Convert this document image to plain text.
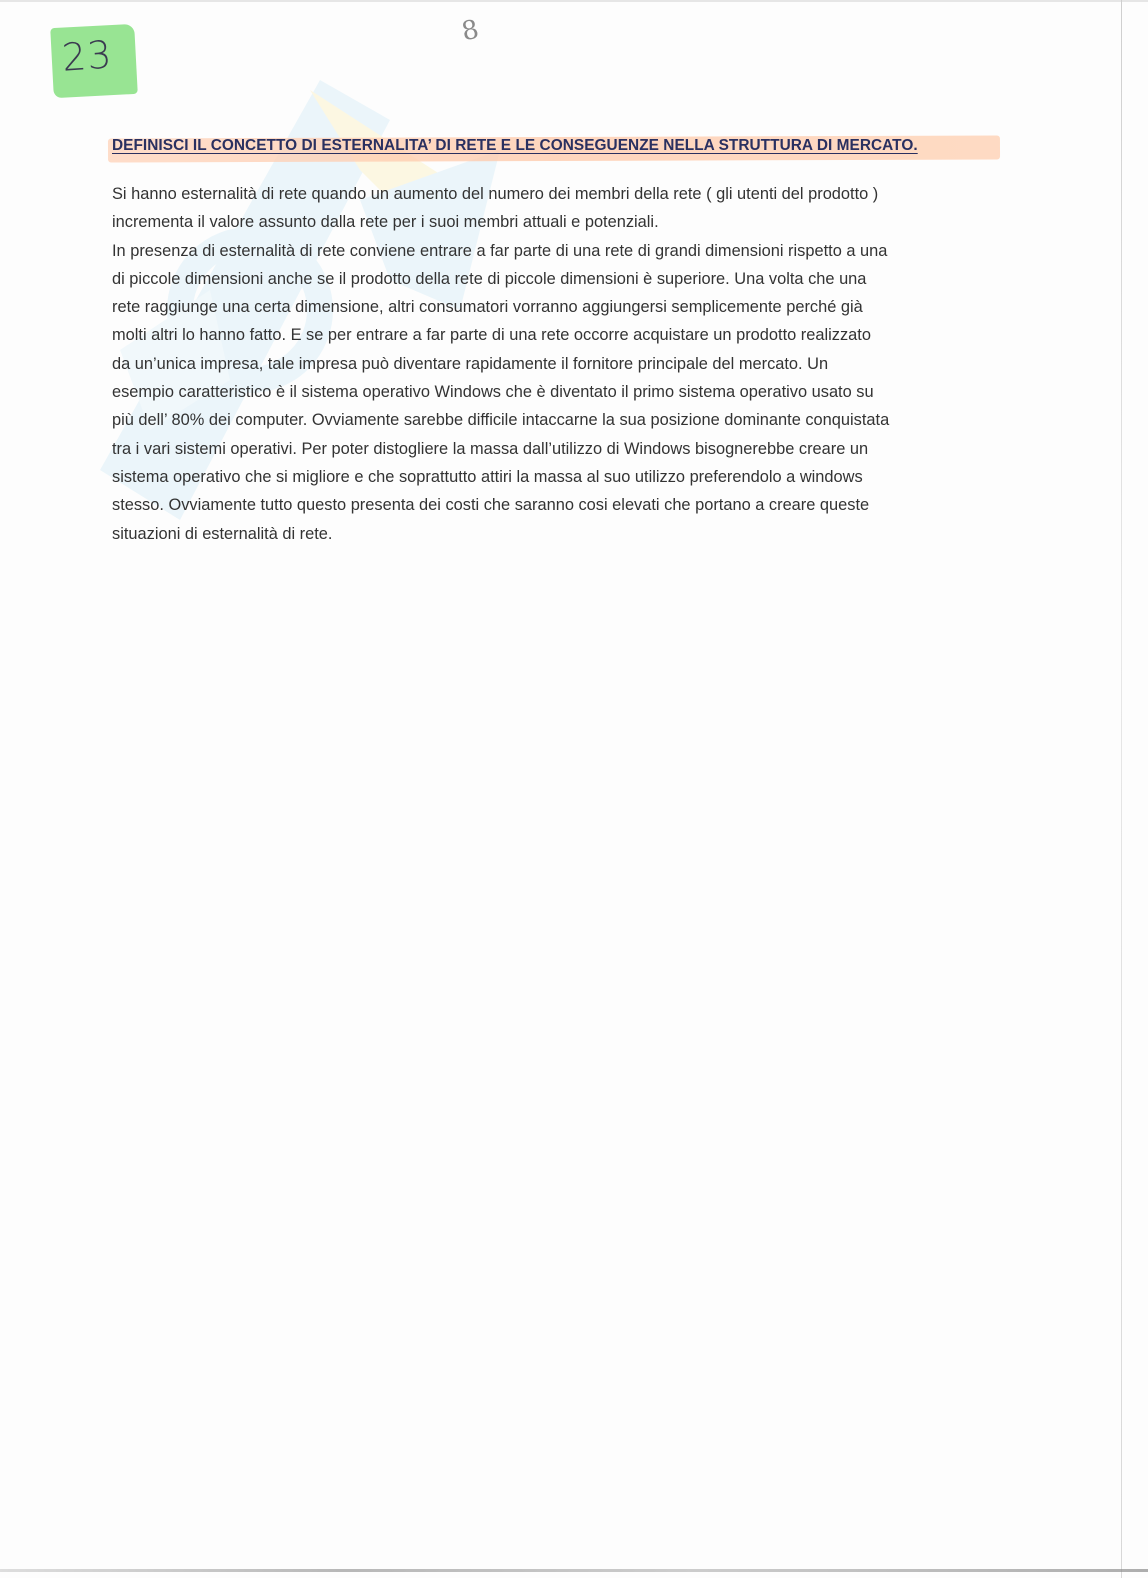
23
8
DEFINISCI IL CONCETTO DI ESTERNALITA’ DI RETE E LE CONSEGUENZE NELLA STRUTTURA DI MERCATO.
Si hanno esternalità di rete quando un aumento del numero dei membri della rete ( gli utenti del prodotto )
incrementa il valore assunto dalla rete per i suoi membri attuali e potenziali.
In presenza di esternalità di rete conviene entrare a far parte di una rete di grandi dimensioni rispetto a una
di piccole dimensioni anche se il prodotto della rete di piccole dimensioni è superiore. Una volta che una
rete raggiunge una certa dimensione, altri consumatori vorranno aggiungersi semplicemente perché già
molti altri lo hanno fatto. E se per entrare a far parte di una rete occorre acquistare un prodotto realizzato
da un’unica impresa, tale impresa può diventare rapidamente il fornitore principale del mercato. Un
esempio caratteristico è il sistema operativo Windows che è diventato il primo sistema operativo usato su
più dell’ 80% dei computer. Ovviamente sarebbe difficile intaccarne la sua posizione dominante conquistata
tra i vari sistemi operativi. Per poter distogliere la massa dall’utilizzo di Windows bisognerebbe creare un
sistema operativo che si migliore e che soprattutto attiri la massa al suo utilizzo preferendolo a windows
stesso. Ovviamente tutto questo presenta dei costi che saranno cosi elevati che portano a creare queste
situazioni di esternalità di rete.
